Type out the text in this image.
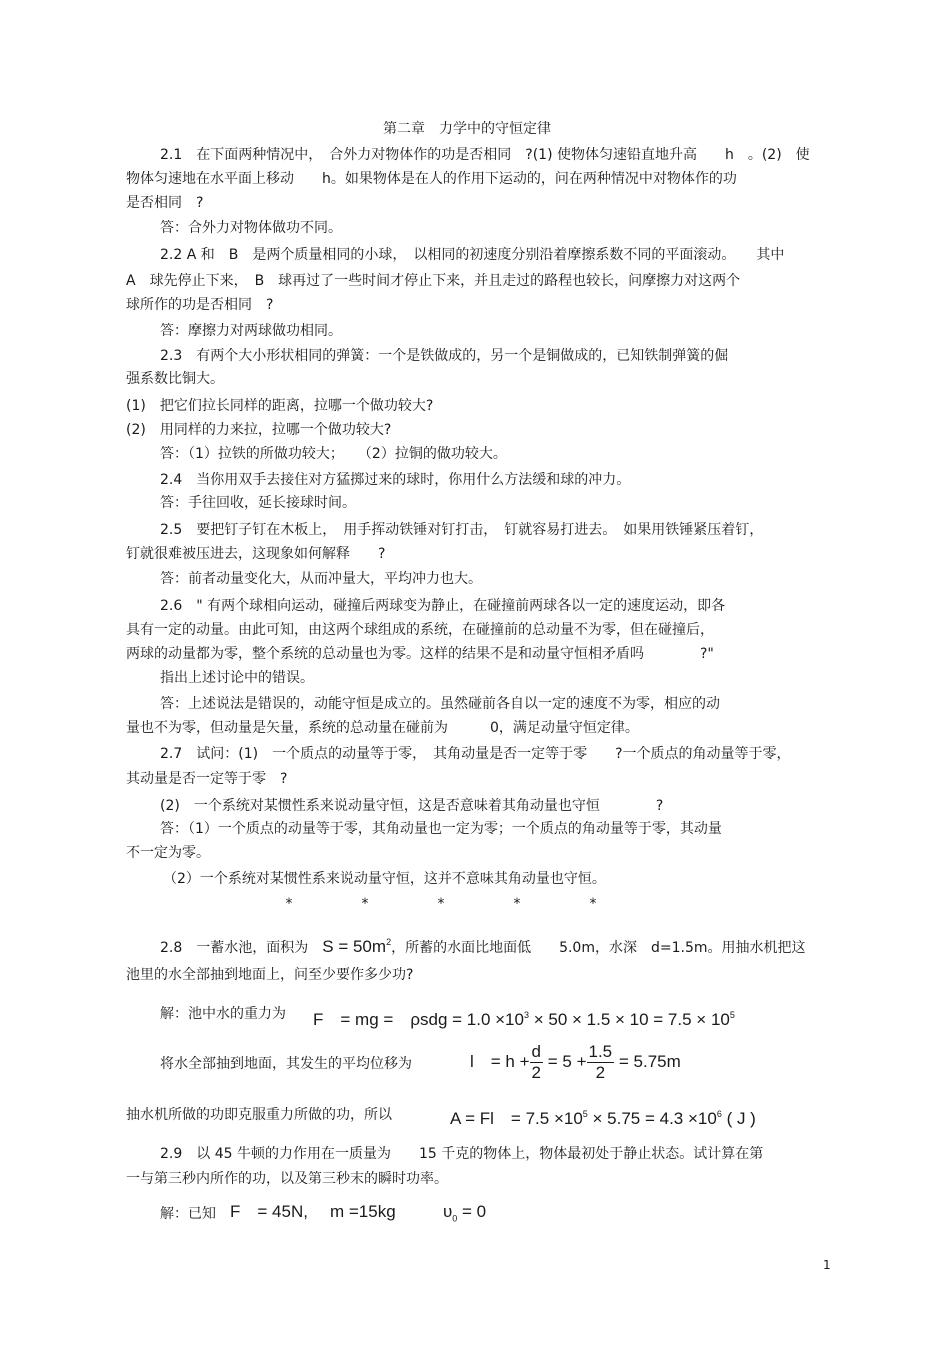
第二章　力学中的守恒定律
2.1　在下面两种情况中，　合外力对物体作的功是否相同　?(1) 使物体匀速铅直地升高　　h　。(2)　使
物体匀速地在水平面上移动　　h。如果物体是在人的作用下运动的，问在两种情况中对物体作的功
是否相同　?
答：合外力对物体做功不同。
2.2 A 和　B　是两个质量相同的小球，　以相同的初速度分别沿着摩擦系数不同的平面滚动。　　其中
A　球先停止下来，　B　球再过了一些时间才停止下来，并且走过的路程也较长，问摩擦力对这两个
球所作的功是否相同　?
答：摩擦力对两球做功相同。
2.3　有两个大小形状相同的弹簧：一个是铁做成的，另一个是铜做成的，已知铁制弹簧的倔
强系数比铜大。
(1)　把它们拉长同样的距离，拉哪一个做功较大?
(2)　用同样的力来拉，拉哪一个做功较大?
答：（1）拉铁的所做功较大；　　（2）拉铜的做功较大。
2.4　当你用双手去接住对方猛掷过来的球时，你用什么方法缓和球的冲力。
答：手往回收，延长接球时间。
2.5　要把钉子钉在木板上，　用手挥动铁锤对钉打击，　钉就容易打进去。　如果用铁锤紧压着钉，
钉就很难被压进去，这现象如何解释　　?
答：前者动量变化大，从而冲量大，平均冲力也大。
2.6　" 有两个球相向运动，碰撞后两球变为静止，在碰撞前两球各以一定的速度运动，即各
具有一定的动量。由此可知，由这两个球组成的系统，在碰撞前的总动量不为零，但在碰撞后，
两球的动量都为零，整个系统的总动量也为零。这样的结果不是和动量守恒相矛盾吗　　　　?"
指出上述讨论中的错误。
答：上述说法是错误的，动能守恒是成立的。虽然碰前各自以一定的速度不为零，相应的动
量也不为零，但动量是矢量，系统的总动量在碰前为　　　0，满足动量守恒定律。
2.7　试问：(1)　一个质点的动量等于零，　其角动量是否一定等于零　　?一个质点的角动量等于零，
其动量是否一定等于零　?
(2)　一个系统对某惯性系来说动量守恒，这是否意味着其角动量也守恒　　　　?
答：（1）一个质点的动量等于零，其角动量也一定为零；一个质点的角动量等于零，其动量
不一定为零。
（2）一个系统对某惯性系来说动量守恒，这并不意味其角动量也守恒。
*	*	*	*	*
2.8　一蓄水池，面积为　$S = 50m^2$，所蓄的水面比地面低　　5.0m，水深　d=1.5m。用抽水机把这
池里的水全部抽到地面上，问至少要作多少功?
解：池中水的重力为 F　= mg =　$\rho sdg = 1.0 \times 10^3 \times 50 \times 1.5 \times 10 = 7.5 \times 10^5$
将水全部抽到地面，其发生的平均位移为	l　= $h + \frac{d}{2} = 5 + \frac{1.5}{2} = 5.75m$
抽水机所做的功即克服重力所做的功，所以	A = Fl　= $7.5 \times 10^5 \times 5.75 = 4.3 \times 10^6$ ( J )
2.9　以 45 牛顿的力作用在一质量为　　15 千克的物体上，物体最初处于静止状态。试计算在第
一与第三秒内所作的功，以及第三秒末的瞬时功率。
解：已知 F　= 45N, m =15kg	$\upsilon_0 = 0$
1
